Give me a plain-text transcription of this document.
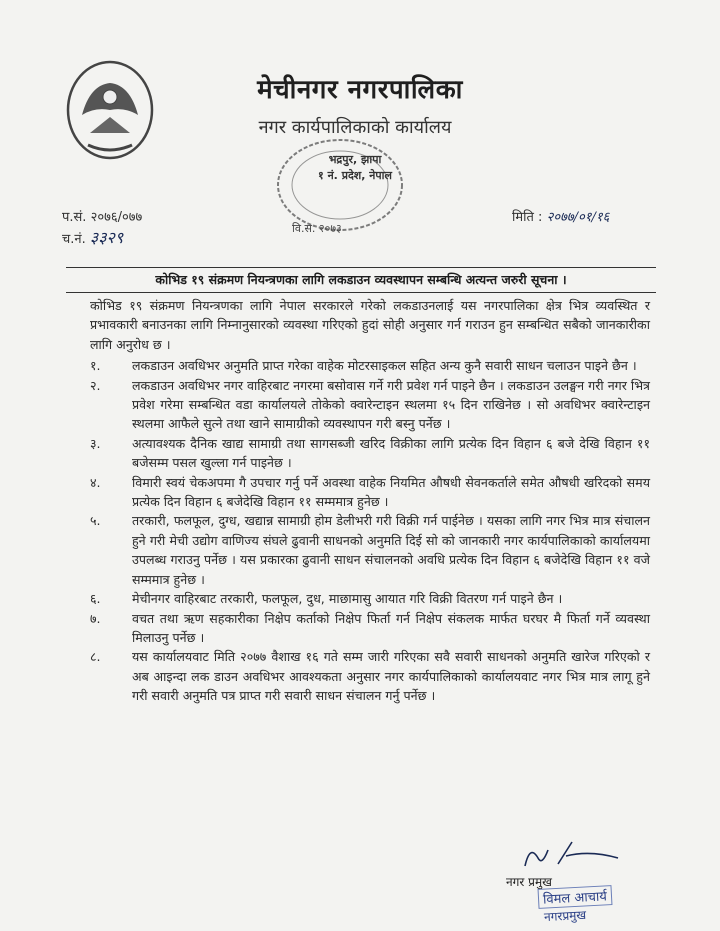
मेचीनगर नगरपालिका
नगर कार्यपालिकाको कार्यालय
भद्रपुर, झापा
१ नं. प्रदेश, नेपाल
वि.स. २०७३
प.सं. २०७६/०७७
च.नं. ३३२९
मिति : २०७७/०१/१६
कोभिड १९ संक्रमण नियन्त्रणका लागि लकडाउन व्यवस्थापन सम्बन्धि अत्यन्त जरुरी सूचना ।

कोभिड १९ संक्रमण नियन्त्रणका लागि नेपाल सरकारले गरेको लकडाउनलाई यस नगरपालिका क्षेत्र भित्र व्यवस्थित र प्रभावकारी बनाउनका लागि निम्नानुसारको व्यवस्था गरिएको हुदां सोही अनुसार गर्न गराउन हुन सम्बन्धित सबैको जानकारीका लागि अनुरोध छ ।

१.	लकडाउन अवधिभर अनुमति प्राप्त गरेका वाहेक मोटरसाइकल सहित अन्य कुनै सवारी साधन चलाउन पाइने छैन ।
२.	लकडाउन अवधिभर नगर वाहिरबाट नगरमा बसोवास गर्ने गरी प्रवेश गर्न पाइने छैन । लकडाउन उलङ्घन गरी नगर भित्र प्रवेश गरेमा सम्बन्धित वडा कार्यालयले तोकेको क्वारेन्टाइन स्थलमा १५ दिन राखिनेछ । सो अवधिभर क्वारेन्टाइन स्थलमा आफैले सुत्ने तथा खाने सामाग्रीको व्यवस्थापन गरी बस्नु पर्नेछ ।
३.	अत्यावश्यक दैनिक खाद्य सामाग्री तथा सागसब्जी खरिद विक्रीका लागि प्रत्येक दिन विहान ६ बजे देखि विहान ११ बजेसम्म पसल खुल्ला गर्न पाइनेछ ।
४.	विमारी स्वयं चेकअपमा गै उपचार गर्नु पर्ने अवस्था वाहेक नियमित औषधी सेवनकर्ताले समेत औषधी खरिदको समय प्रत्येक दिन विहान ६ बजेदेखि विहान ११ सम्ममात्र हुनेछ ।
५.	तरकारी, फलफूल, दुग्ध, खद्यान्न सामाग्री होम डेलीभरी गरी विक्री गर्न पाईनेछ । यसका लागि नगर भित्र मात्र संचालन हुने गरी मेची उद्योग वाणिज्य संघले ढुवानी साधनको अनुमति दिई सो को जानकारी नगर कार्यपालिकाको कार्यालयमा उपलब्ध गराउनु पर्नेछ । यस प्रकारका ढुवानी साधन संचालनको अवधि प्रत्येक दिन विहान ६ बजेदेखि विहान ११ वजे सम्ममात्र हुनेछ ।
६.	मेचीनगर वाहिरबाट तरकारी, फलफूल, दुध, माछामासु आयात गरि विक्री वितरण गर्न पाइने छैन ।
७.	वचत तथा ऋण सहकारीका निक्षेप कर्ताको निक्षेप फिर्ता गर्न निक्षेप संकलक मार्फत घरघर मै फिर्ता गर्ने व्यवस्था मिलाउनु पर्नेछ ।
८.	यस कार्यालयवाट मिति २०७७ वैशाख १६ गते सम्म जारी गरिएका सवै सवारी साधनको अनुमति खारेज गरिएको र अब आइन्दा लक डाउन अवधिभर आवश्यकता अनुसार नगर कार्यपालिकाको कार्यालयवाट नगर भित्र मात्र लागू हुने गरी सवारी अनुमति पत्र प्राप्त गरी सवारी साधन संचालन गर्नु पर्नेछ ।
नगर प्रमुख
विमल आचार्य
नगरप्रमुख
